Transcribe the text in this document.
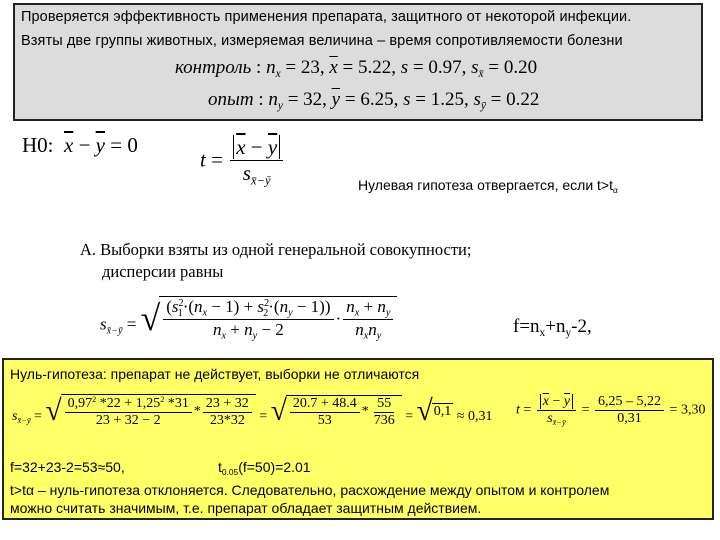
Проверяется эффективность применения препарата, защитного от некоторой инфекции.
Взяты две группы животных, измеряемая величина – время сопротивляемости болезни
контроль : $n_x = 23$, $\overline{x} = 5.22$, s = 0.97, $s_{x̄} = 0.20$
опыт : $n_y = 32$, $\overline{y} = 6.25$, s = 1.25, $s_ȳ = 0.22$
H0: $\overline{x} - \overline{y} = 0$
$t = \frac{\overline{x} - \overline{y}}{s_{x̄-ȳ}}$	Нулевая гипотеза отвергается, если $t>t_\alpha$
А. Выборки взяты из одной генеральной совокупности;
дисперсии равны
$s_{x̄-ȳ}$ = √ $\frac{(s^2_1\cdot(n_x - 1) + s^2_2\cdot(n_y - 1))}{n_x + n_y - 2} \cdot \frac{n_x + n_y}{n_xn_y}$	$f=n_x+n_y-2$,
Нуль-гипотеза: препарат не действует, выборки не отличаются
$s_{x̄-ȳ}$ = √ $\frac{0,97^2 *22 + 1,25^2 *31}{23 + 32 - 2} * \frac{23 + 32}{23*32}$ = √ $\frac{20.7 + 48.4}{53} * \frac{55}{736}$ = √ 0,1 ≈ 0,31 $t = \frac{\overline{x} - \overline{y}}{s_{x̄-ȳ}} = \frac{6,25 - 5,22}{0,31} = 3,30$
f=32+23-2=53≈50,	$t_{0.05}(f=50)=2.01$
t>tα – нуль-гипотеза отклоняется. Следовательно, расхождение между опытом и контролем
можно считать значимым, т.е. препарат обладает защитным действием.
